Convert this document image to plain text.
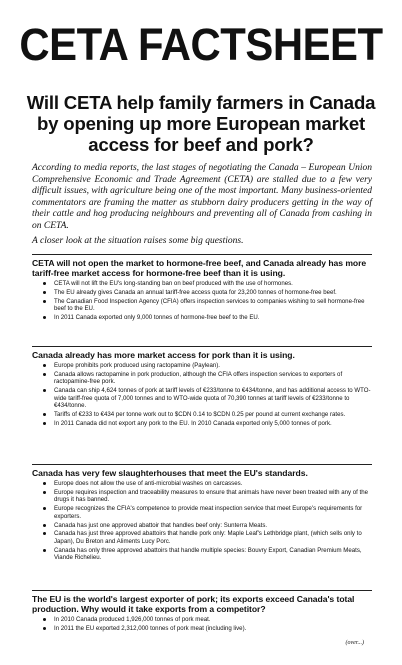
CETA FACTSHEET
Will CETA help family farmers in Canada by opening up more European market access for beef and pork?
According to media reports, the last stages of negotiating the Canada – European Union Comprehensive Economic and Trade Agreement (CETA) are stalled due to a few very difficult issues, with agriculture being one of the most important. Many business-oriented commentators are framing the matter as stubborn dairy producers getting in the way of their cattle and hog producing neighbours and preventing all of Canada from cashing in on CETA.
A closer look at the situation raises some big questions.
CETA will not open the market to hormone-free beef, and Canada already has more tariff-free market access for hormone-free beef than it is using.
CETA will not lift the EU's long-standing ban on beef produced with the use of hormones.
The EU already gives Canada an annual tariff-free access quota for 23,200 tonnes of hormone-free beef.
The Canadian Food Inspection Agency (CFIA) offers inspection services to companies wishing to sell hormone-free beef to the EU.
In 2011 Canada exported only 9,000 tonnes of hormone-free beef to the EU.
Canada already has more market access for pork than it is using.
Europe prohibits pork produced using ractopamine (Paylean).
Canada allows ractopamine in pork production, although the CFIA offers inspection services to exporters of ractopamine-free pork.
Canada can ship 4,624 tonnes of pork at tariff levels of €233/tonne to €434/tonne, and has additional access to WTO-wide tariff-free quota of 7,000 tonnes and to WTO-wide quota of 70,390 tonnes at tariff levels of €233/tonne to €434/tonne.
Tariffs of €233 to €434 per tonne work out to $CDN 0.14 to $CDN 0.25 per pound at current exchange rates.
In 2011 Canada did not export any pork to the EU. In 2010 Canada exported only 5,000 tonnes of pork.
Canada has very few slaughterhouses that meet the EU's standards.
Europe does not allow the use of anti-microbial washes on carcasses.
Europe requires inspection and traceability measures to ensure that animals have never been treated with any of the drugs it has banned.
Europe recognizes the CFIA's competence to provide meat inspection service that meet Europe's requirements for exporters.
Canada has just one approved abattoir that handles beef only: Sunterra Meats.
Canada has just three approved abattoirs that handle pork only: Maple Leaf's Lethbridge plant, (which sells only to Japan), Du Breton and Aliments Lucy Porc.
Canada has only three approved abattoirs that handle multiple species: Bouvry Export, Canadian Premium Meats, Viande Richelieu.
The EU is the world's largest exporter of pork; its exports exceed Canada's total production. Why would it take exports from a competitor?
In 2010 Canada produced 1,926,000 tonnes of pork meat.
In 2011 the EU exported 2,312,000 tonnes of pork meat (including live).
(over...)
